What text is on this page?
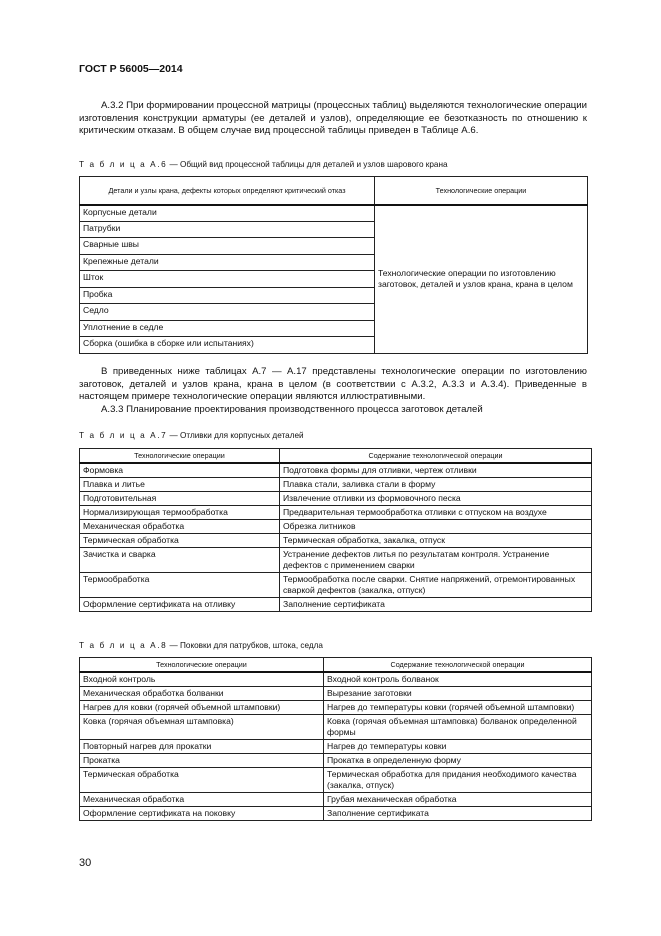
ГОСТ Р 56005—2014

А.3.2 При формировании процессной матрицы (процессных таблиц) выделяются технологические операции изготовления конструкции арматуры (ее деталей и узлов), определяющие ее безотказность по отношению к критическим отказам. В общем случае вид процессной таблицы приведен в Таблице А.6.

Т а б л и ц а А.6 — Общий вид процессной таблицы для деталей и узлов шарового крана
Детали и узлы крана, дефекты которых определяют критический отказ	Технологические операции
Корпусные детали	Технологические операции по изготовлению заготовок, деталей и узлов крана, крана в целом
Патрубки	
Сварные швы	
Крепежные детали	
Шток	
Пробка	
Седло	
Уплотнение в седле	
Сборка (ошибка в сборке или испытаниях)	

В приведенных ниже таблицах А.7 — А.17 представлены технологические операции по изготовлению заготовок, деталей и узлов крана, крана в целом (в соответствии с А.3.2, А.3.3 и А.3.4). Приведенные в настоящем примере технологические операции являются иллюстративными.

А.3.3 Планирование проектирования производственного процесса заготовок деталей

Т а б л и ц а А.7 — Отливки для корпусных деталей
Технологические операции	Содержание технологической операции
Формовка	Подготовка формы для отливки, чертеж отливки
Плавка и литье	Плавка стали, заливка стали в форму
Подготовительная	Извлечение отливки из формовочного песка
Нормализирующая термообработка	Предварительная термообработка отливки с отпуском на воздухе
Механическая обработка	Обрезка литников
Термическая обработка	Термическая обработка, закалка, отпуск
Зачистка и сварка	Устранение дефектов литья по результатам контроля. Устранение дефектов с применением сварки
Термообработка	Термообработка после сварки. Снятие напряжений, отремонтированных сваркой дефектов (закалка, отпуск)
Оформление сертификата на отливку	Заполнение сертификата
Т а б л и ц а А.8 — Поковки для патрубков, штока, седла
Технологические операции	Содержание технологической операции
Входной контроль	Входной контроль болванок
Механическая обработка болванки	Вырезание заготовки
Нагрев для ковки (горячей объемной штамповки)	Нагрев до температуры ковки (горячей объемной штамповки)
Ковка (горячая объемная штамповка)	Ковка (горячая объемная штамповка) болванок определенной формы
Повторный нагрев для прокатки	Нагрев до температуры ковки
Прокатка	Прокатка в определенную форму
Термическая обработка	Термическая обработка для придания необходимого качества (закалка, отпуск)
Механическая обработка	Грубая механическая обработка
Оформление сертификата на поковку	Заполнение сертификата
30
